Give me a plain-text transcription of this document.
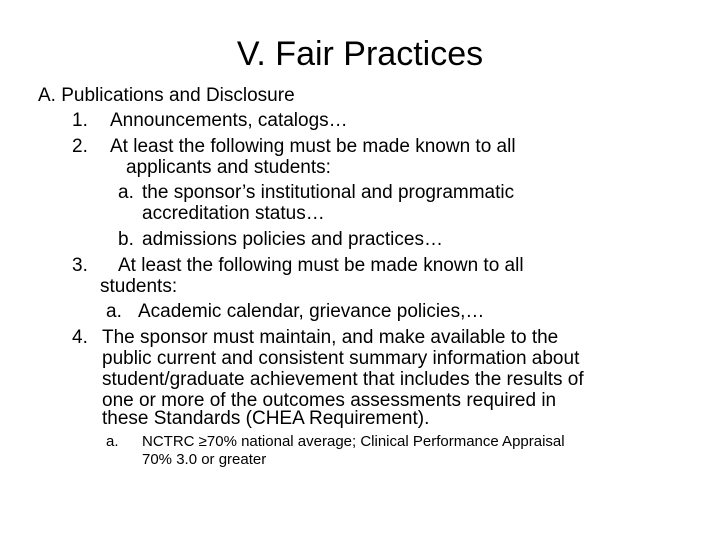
V. Fair Practices
A. Publications and Disclosure
1. Announcements, catalogs…
2. At least the following must be made known to all
applicants and students:
a. the sponsor’s institutional and programmatic
accreditation status…
b. admissions policies and practices…
3. At least the following must be made known to all
students:
a. Academic calendar, grievance policies,…
4. The sponsor must maintain, and make available to the
public current and consistent summary information about
student/graduate achievement that includes the results of
one or more of the outcomes assessments required in
these Standards (CHEA Requirement).
a. NCTRC ≥70% national average; Clinical Performance Appraisal
70% 3.0 or greater
